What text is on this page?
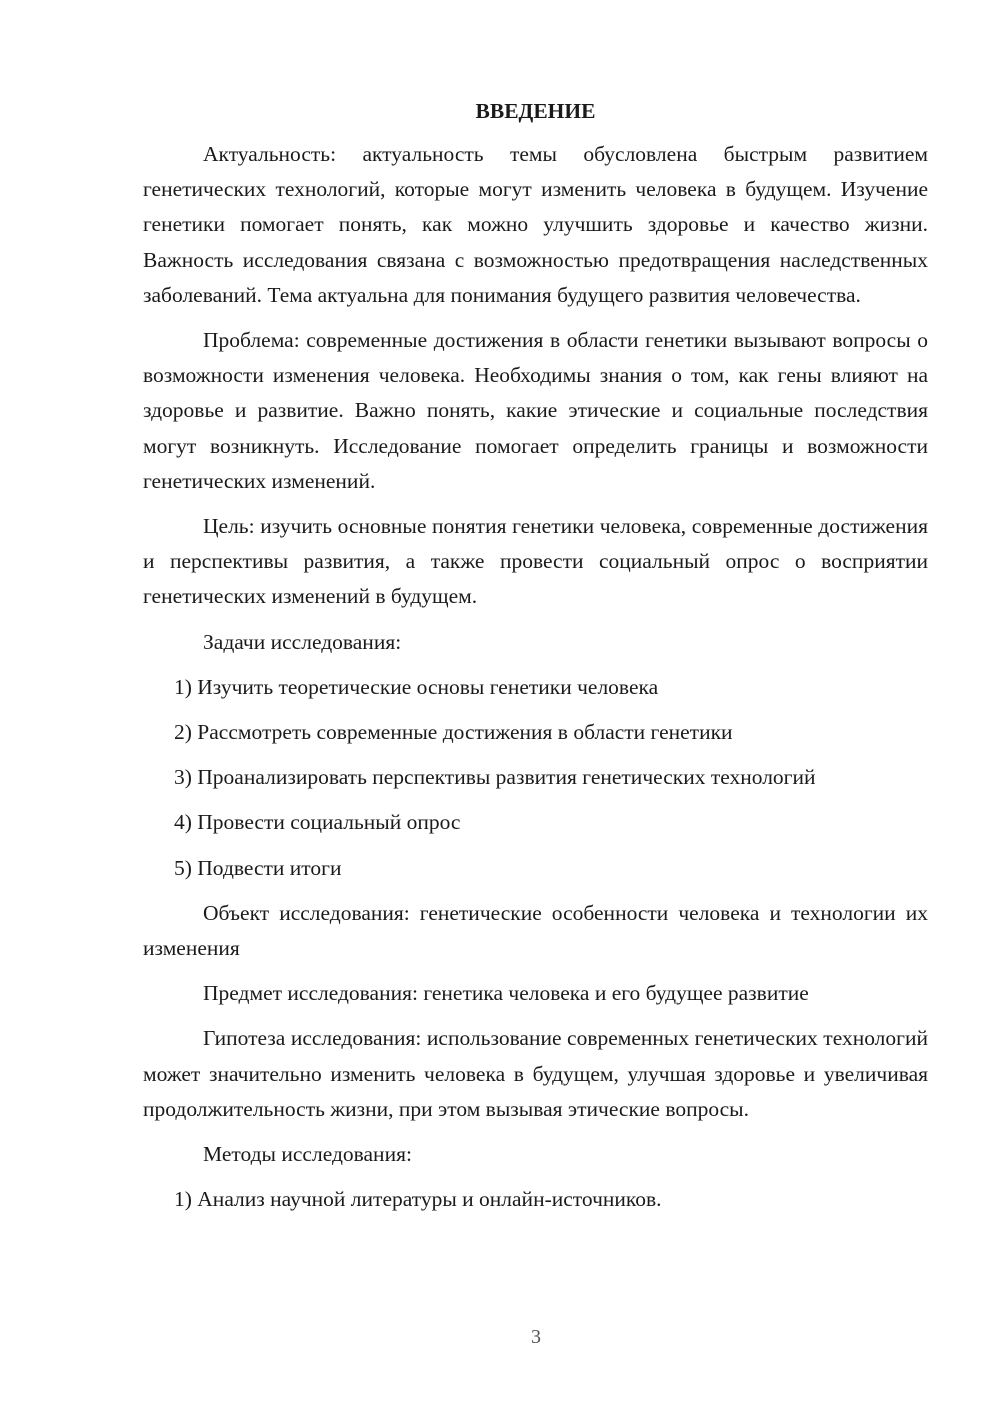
ВВЕДЕНИЕ
Актуальность: актуальность темы обусловлена быстрым развитием генетических технологий, которые могут изменить человека в будущем. Изучение генетики помогает понять, как можно улучшить здоровье и качество жизни. Важность исследования связана с возможностью предотвращения наследственных заболеваний. Тема актуальна для понимания будущего развития человечества.
Проблема: современные достижения в области генетики вызывают вопросы о возможности изменения человека. Необходимы знания о том, как гены влияют на здоровье и развитие. Важно понять, какие этические и социальные последствия могут возникнуть. Исследование помогает определить границы и возможности генетических изменений.
Цель: изучить основные понятия генетики человека, современные достижения и перспективы развития, а также провести социальный опрос о восприятии генетических изменений в будущем.
Задачи исследования:
1) Изучить теоретические основы генетики человека
2) Рассмотреть современные достижения в области генетики
3) Проанализировать перспективы развития генетических технологий
4) Провести социальный опрос
5) Подвести итоги
Объект исследования: генетические особенности человека и технологии их изменения
Предмет исследования: генетика человека и его будущее развитие
Гипотеза исследования: использование современных генетических технологий может значительно изменить человека в будущем, улучшая здоровье и увеличивая продолжительность жизни, при этом вызывая этические вопросы.
Методы исследования:
1) Анализ научной литературы и онлайн-источников.
3
